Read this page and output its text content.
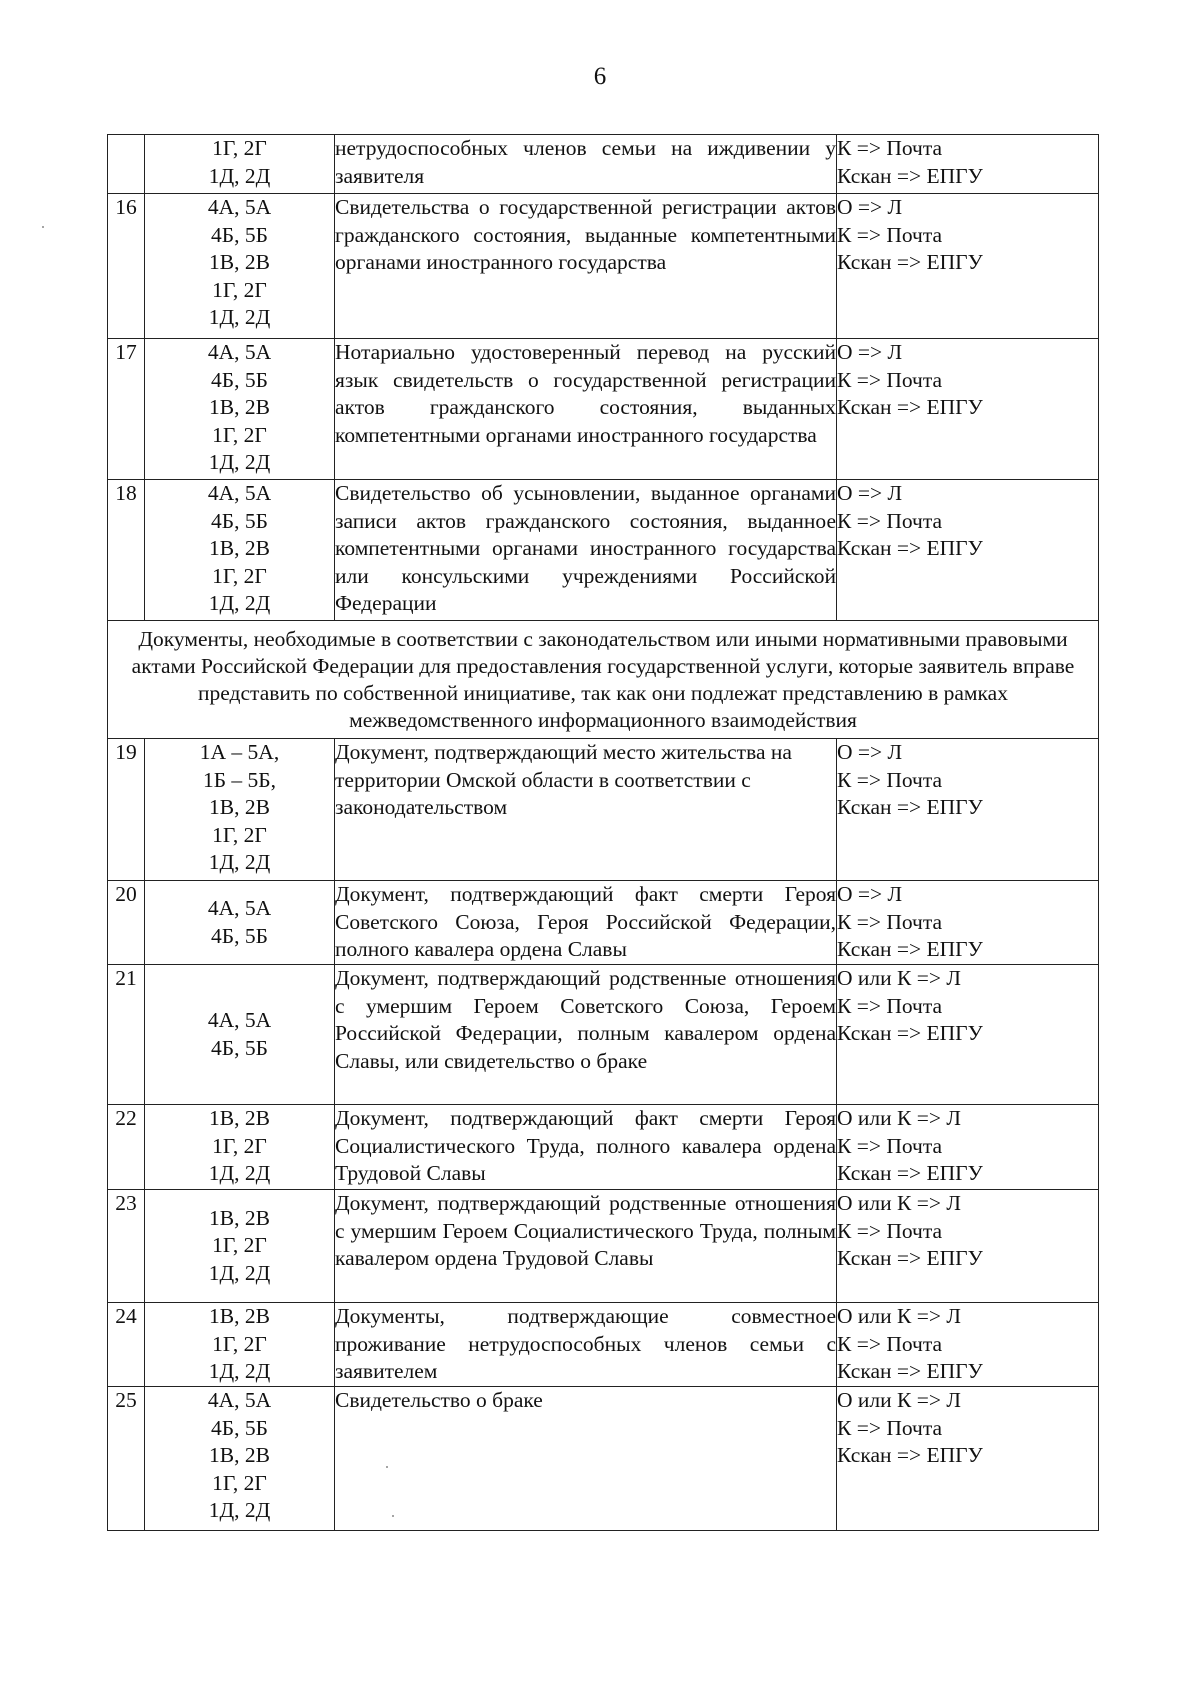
6

	1Г, 2Г
1Д, 2Д	нетрудоспособных членов семьи на иждивении у заявителя	К => Почта
Кскан => ЕПГУ

16	4А, 5А
4Б, 5Б
1В, 2В
1Г, 2Г
1Д, 2Д	Свидетельства о государственной регистрации актов гражданского состояния, выданные компетентными органами иностранного государства	О => Л
К => Почта
Кскан => ЕПГУ

17	4А, 5А
4Б, 5Б
1В, 2В
1Г, 2Г
1Д, 2Д	Нотариально удостоверенный перевод на русский язык свидетельств о государственной регистрации актов гражданского состояния, выданных компетентными органами иностранного государства	О => Л
К => Почта
Кскан => ЕПГУ

18	4А, 5А
4Б, 5Б
1В, 2В
1Г, 2Г
1Д, 2Д	Свидетельство об усыновлении, выданное органами записи актов гражданского состояния, выданное компетентными органами иностранного государства или консульскими учреждениями Российской Федерации	О => Л
К => Почта
Кскан => ЕПГУ

Документы, необходимые в соответствии с законодательством или иными нормативными правовыми актами Российской Федерации для предоставления государственной услуги, которые заявитель вправе представить по собственной инициативе, так как они подлежат представлению в рамках межведомственного информационного взаимодействия			
19	1А – 5А,
1Б – 5Б,
1В, 2В
1Г, 2Г
1Д, 2Д	Документ, подтверждающий место жительства на территории Омской области в соответствии с законодательством	О => Л
К => Почта
Кскан => ЕПГУ

20	4А, 5А
4Б, 5Б	Документ, подтверждающий факт смерти Героя Советского Союза, Героя Российской Федерации, полного кавалера ордена Славы	О => Л
К => Почта
Кскан => ЕПГУ

21	4А, 5А
4Б, 5Б	Документ, подтверждающий родственные отношения с умершим Героем Советского Союза, Героем Российской Федерации, полным кавалером ордена Славы, или свидетельство о браке	О или К => Л
К => Почта
Кскан => ЕПГУ

22	1В, 2В
1Г, 2Г
1Д, 2Д	Документ, подтверждающий факт смерти Героя Социалистического Труда, полного кавалера ордена Трудовой Славы	О или К => Л
К => Почта
Кскан => ЕПГУ

23	1В, 2В
1Г, 2Г
1Д, 2Д	Документ, подтверждающий родственные отношения с умершим Героем Социалистического Труда, полным кавалером ордена Трудовой Славы	О или К => Л
К => Почта
Кскан => ЕПГУ

24	1В, 2В
1Г, 2Г
1Д, 2Д	Документы, подтверждающие совместное проживание нетрудоспособных членов семьи с заявителем	О или К => Л
К => Почта
Кскан => ЕПГУ

25	4А, 5А
4Б, 5Б
1В, 2В
1Г, 2Г
1Д, 2Д	Свидетельство о браке	О или К => Л
К => Почта
Кскан => ЕПГУ
